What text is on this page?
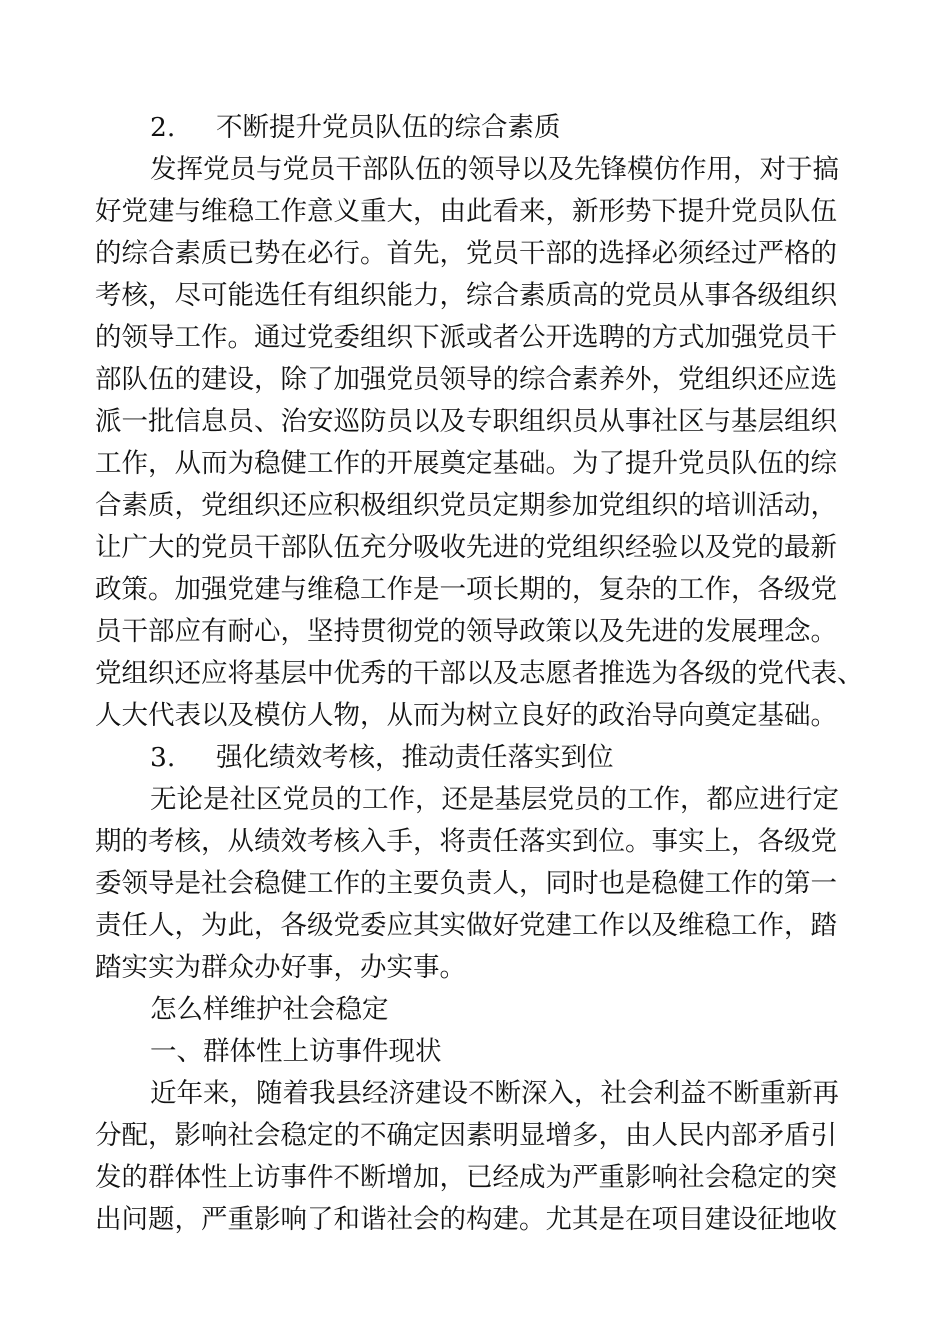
2. 不断提升党员队伍的综合素质
发挥党员与党员干部队伍的领导以及先锋模仿作用，对于搞
好党建与维稳工作意义重大，由此看来，新形势下提升党员队伍
的综合素质已势在必行。首先，党员干部的选择必须经过严格的
考核，尽可能选任有组织能力，综合素质高的党员从事各级组织
的领导工作。通过党委组织下派或者公开选聘的方式加强党员干
部队伍的建设，除了加强党员领导的综合素养外，党组织还应选
派一批信息员、治安巡防员以及专职组织员从事社区与基层组织
工作，从而为稳健工作的开展奠定基础。为了提升党员队伍的综
合素质，党组织还应积极组织党员定期参加党组织的培训活动，
让广大的党员干部队伍充分吸收先进的党组织经验以及党的最新
政策。加强党建与维稳工作是一项长期的，复杂的工作，各级党
员干部应有耐心，坚持贯彻党的领导政策以及先进的发展理念。
党组织还应将基层中优秀的干部以及志愿者推选为各级的党代表、
人大代表以及模仿人物，从而为树立良好的政治导向奠定基础。
3. 强化绩效考核，推动责任落实到位
无论是社区党员的工作，还是基层党员的工作，都应进行定
期的考核，从绩效考核入手，将责任落实到位。事实上，各级党
委领导是社会稳健工作的主要负责人，同时也是稳健工作的第一
责任人，为此，各级党委应其实做好党建工作以及维稳工作，踏
踏实实为群众办好事，办实事。
怎么样维护社会稳定
一、群体性上访事件现状
近年来，随着我县经济建设不断深入，社会利益不断重新再
分配，影响社会稳定的不确定因素明显增多，由人民内部矛盾引
发的群体性上访事件不断增加，已经成为严重影响社会稳定的突
出问题，严重影响了和谐社会的构建。尤其是在项目建设征地收
